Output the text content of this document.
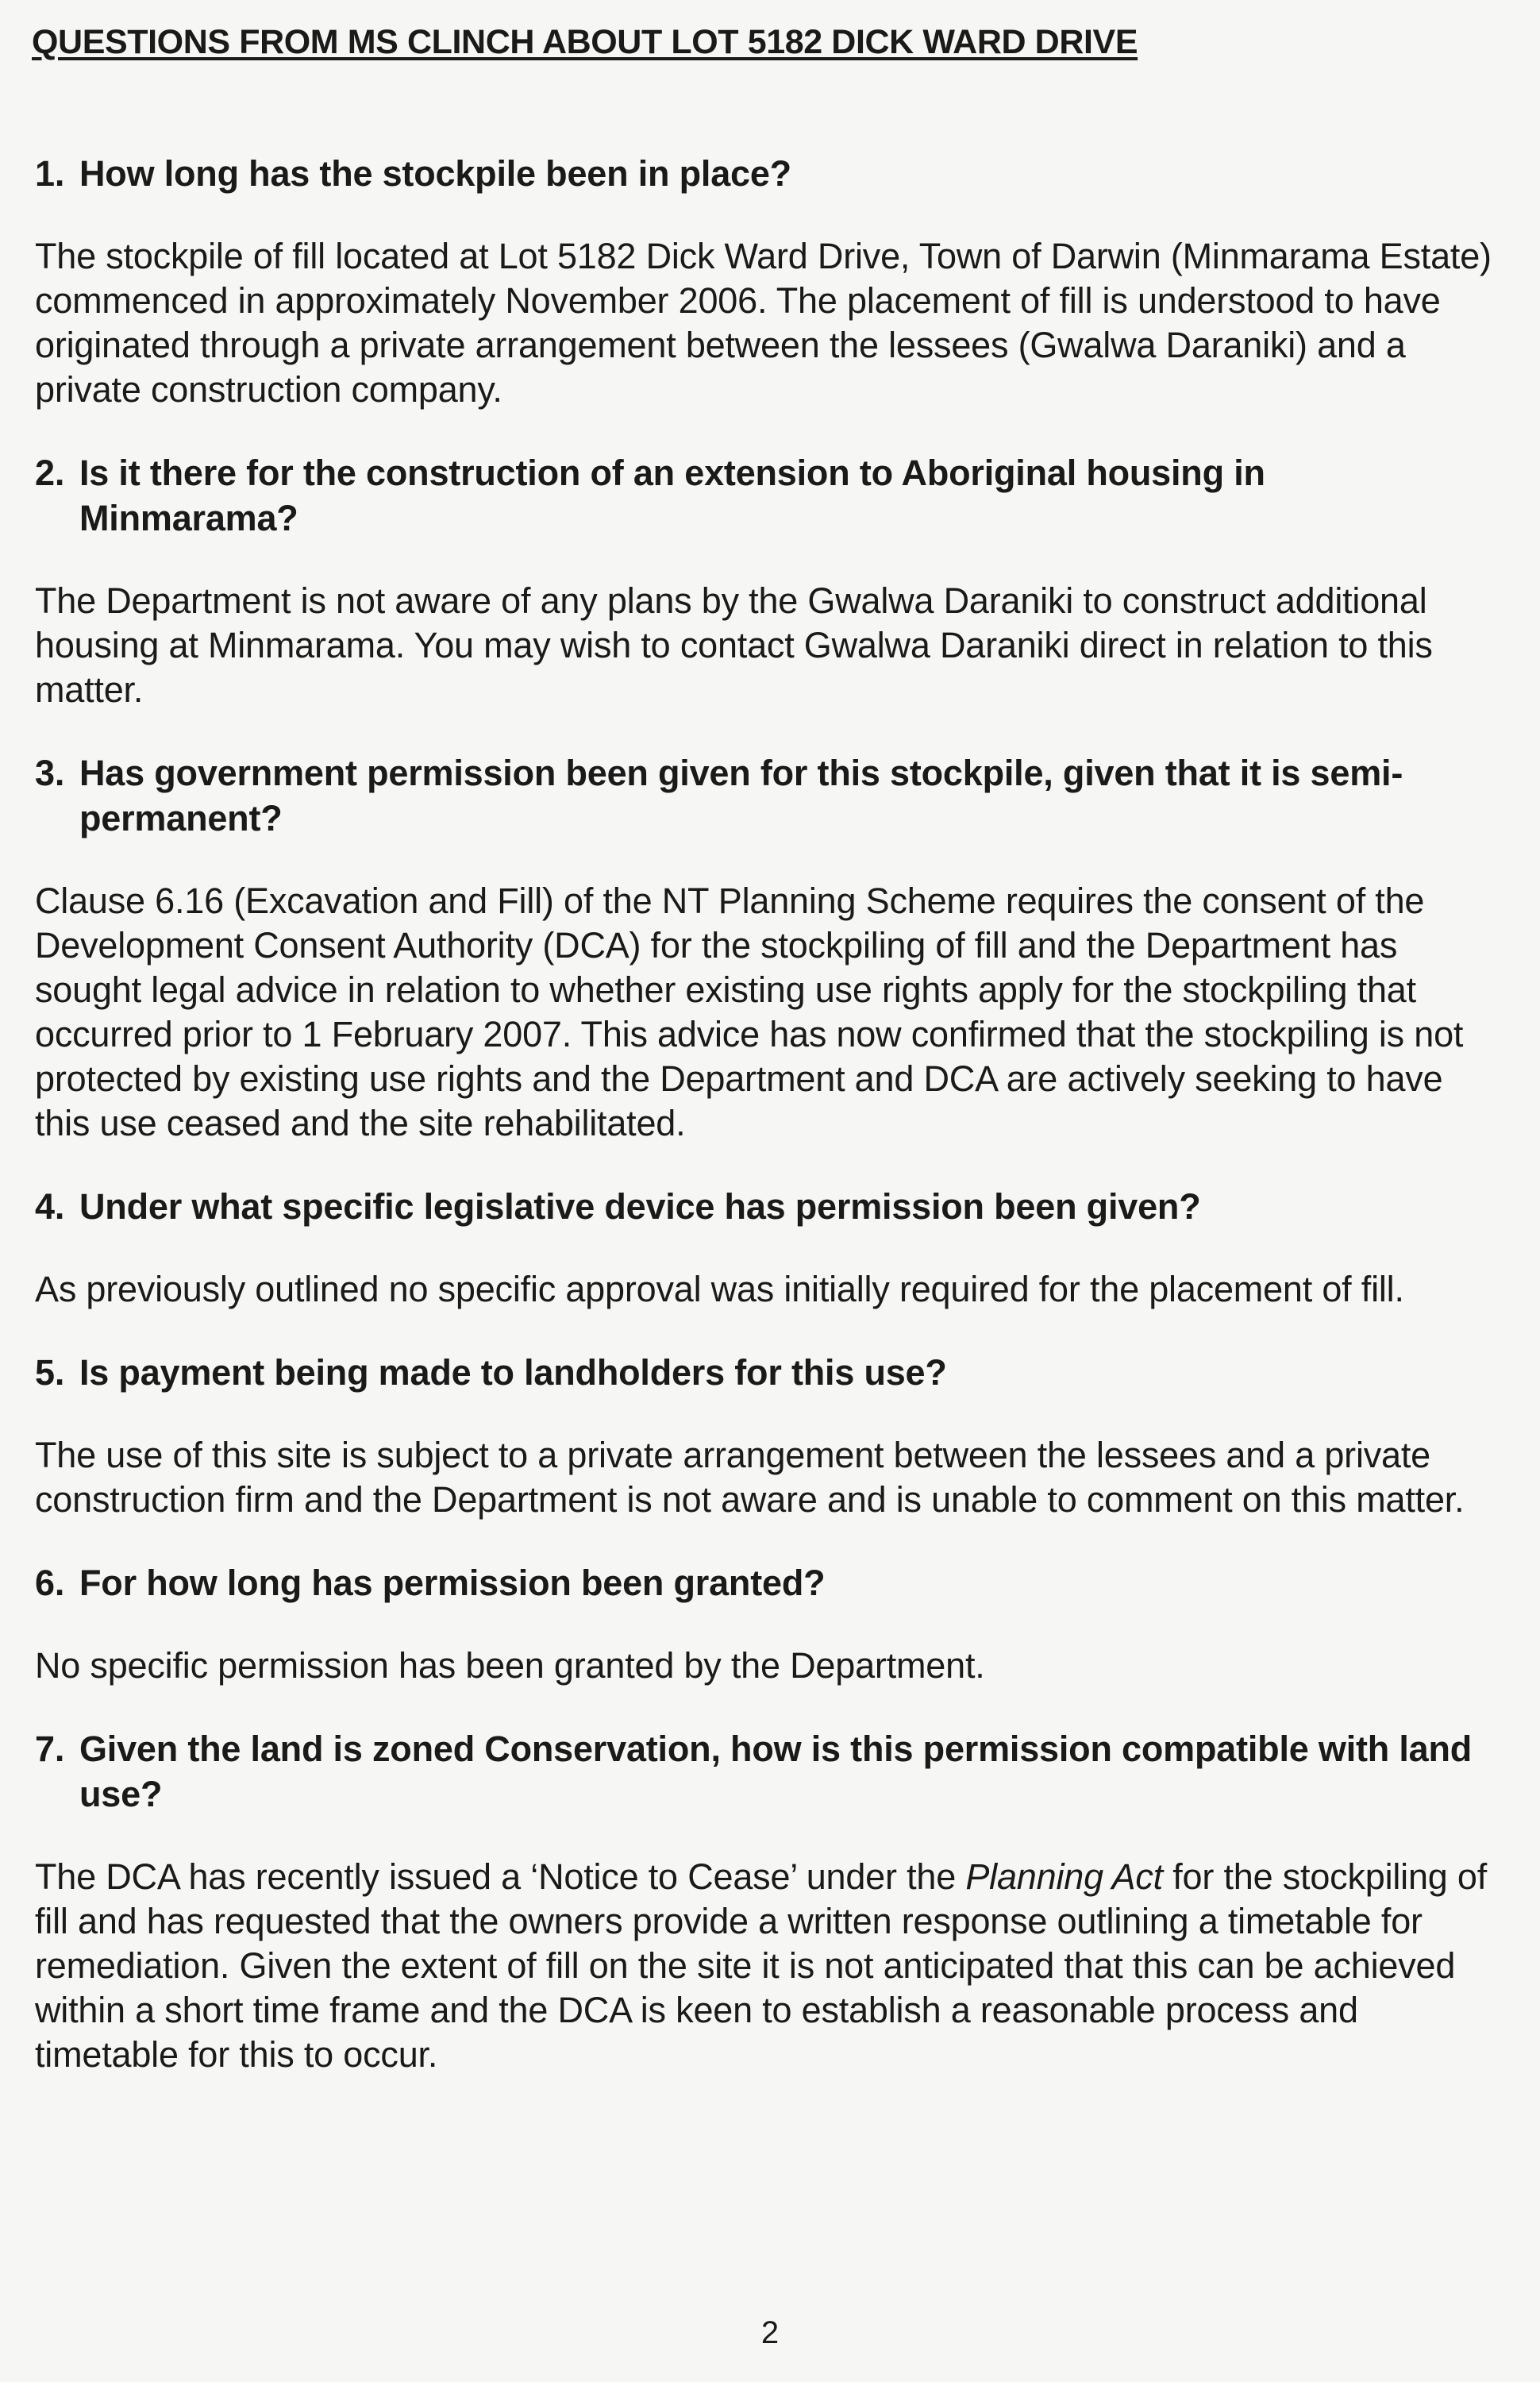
QUESTIONS FROM MS CLINCH ABOUT LOT 5182 DICK WARD DRIVE
1. How long has the stockpile been in place?

The stockpile of fill located at Lot 5182 Dick Ward Drive, Town of Darwin (Minmarama Estate) commenced in approximately November 2006. The placement of fill is understood to have originated through a private arrangement between the lessees (Gwalwa Daraniki) and a private construction company.

2. Is it there for the construction of an extension to Aboriginal housing in Minmarama?

The Department is not aware of any plans by the Gwalwa Daraniki to construct additional housing at Minmarama. You may wish to contact Gwalwa Daraniki direct in relation to this matter.

3. Has government permission been given for this stockpile, given that it is semi-permanent?

Clause 6.16 (Excavation and Fill) of the NT Planning Scheme requires the consent of the Development Consent Authority (DCA) for the stockpiling of fill and the Department has sought legal advice in relation to whether existing use rights apply for the stockpiling that occurred prior to 1 February 2007. This advice has now confirmed that the stockpiling is not protected by existing use rights and the Department and DCA are actively seeking to have this use ceased and the site rehabilitated.

4. Under what specific legislative device has permission been given?

As previously outlined no specific approval was initially required for the placement of fill.

5. Is payment being made to landholders for this use?

The use of this site is subject to a private arrangement between the lessees and a private construction firm and the Department is not aware and is unable to comment on this matter.

6. For how long has permission been granted?

No specific permission has been granted by the Department.

7. Given the land is zoned Conservation, how is this permission compatible with land use?

The DCA has recently issued a ‘Notice to Cease’ under the Planning Act for the stockpiling of fill and has requested that the owners provide a written response outlining a timetable for remediation. Given the extent of fill on the site it is not anticipated that this can be achieved within a short time frame and the DCA is keen to establish a reasonable process and timetable for this to occur.

2
